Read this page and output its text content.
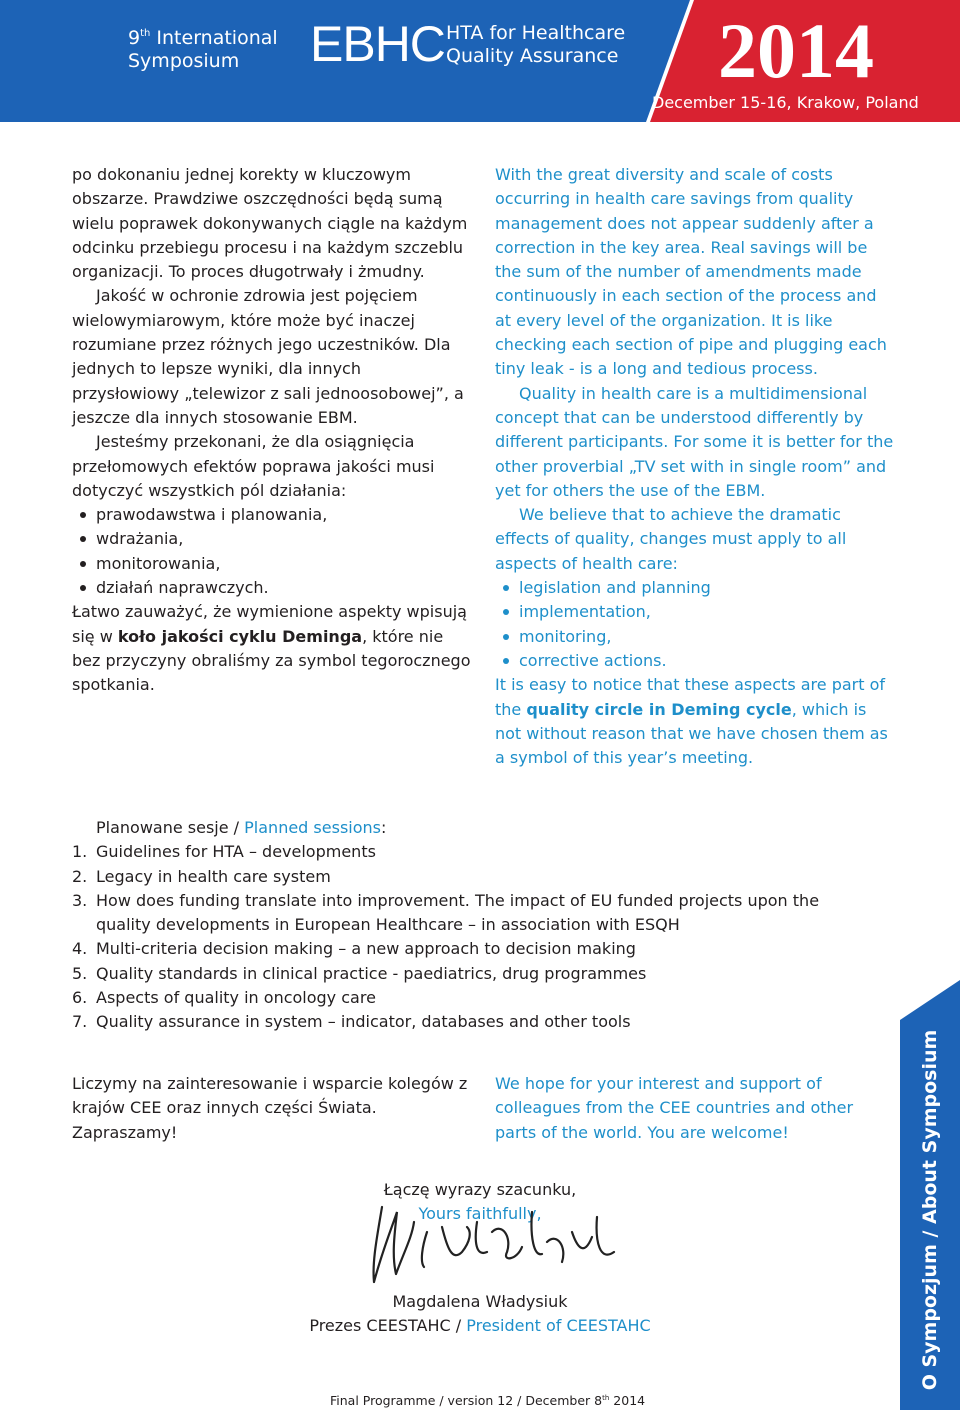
9th International
Symposium	EBHC HTA for Healthcare
Quality Assurance 2014
December 15-16, Krakow, Poland

po dokonaniu jednej korekty w kluczowym obszarze. Prawdziwe oszczędności będą sumą wielu poprawek dokonywanych ciągle na każdym odcinku przebiegu procesu i na każdym szczeblu organizacji. To proces długotrwały i żmudny.

Jakość w ochronie zdrowia jest pojęciem wielowymiarowym, które może być inaczej rozumiane przez różnych jego uczestników. Dla jednych to lepsze wyniki, dla innych przysłowiowy „telewizor z sali jednoosobowej”, a jeszcze dla innych stosowanie EBM.

Jesteśmy przekonani, że dla osiągnięcia przełomowych efektów poprawa jakości musi dotyczyć wszystkich pól działania:

prawodawstwa i planowania,
wdrażania,
monitorowania,
działań naprawczych.

Łatwo zauważyć, że wymienione aspekty wpisują się w koło jakości cyklu Deminga, które nie bez przyczyny obraliśmy za symbol tegorocznego spotkania.

With the great diversity and scale of costs occurring in health care savings from quality management does not appear suddenly after a correction in the key area. Real savings will be the sum of the number of amendments made continuously in each section of the process and at every level of the organization. It is like checking each section of pipe and plugging each tiny leak - is a long and tedious process.

Quality in health care is a multidimensional concept that can be understood differently by different participants. For some it is better for the other proverbial „TV set with in single room” and yet for others the use of the EBM.

We believe that to achieve the dramatic effects of quality, changes must apply to all aspects of health care:

legislation and planning
implementation,
monitoring,
corrective actions.

It is easy to notice that these aspects are part of the quality circle in Deming cycle, which is not without reason that we have chosen them as a symbol of this year’s meeting.

Planowane sesje / Planned sessions:
1. Guidelines for HTA – developments
2. Legacy in health care system
3. How does funding translate into improvement. The impact of EU funded projects upon the quality developments in European Healthcare – in association with ESQH
4. Multi-criteria decision making – a new approach to decision making
5. Quality standards in clinical practice - paediatrics, drug programmes
6. Aspects of quality in oncology care
7. Quality assurance in system – indicator, databases and other tools

Liczymy na zainteresowanie i wsparcie kolegów z krajów CEE oraz innych części Świata. Zapraszamy!

We hope for your interest and support of colleagues from the CEE countries and other parts of the world. You are welcome!

Łączę wyrazy szacunku,
Yours faithfully,
Magdalena Władysiuk
Prezes CEESTAHC / President of CEESTAHC
Final Programme / version 12 / December 8th 2014
O Sympozjum / About Symposium
